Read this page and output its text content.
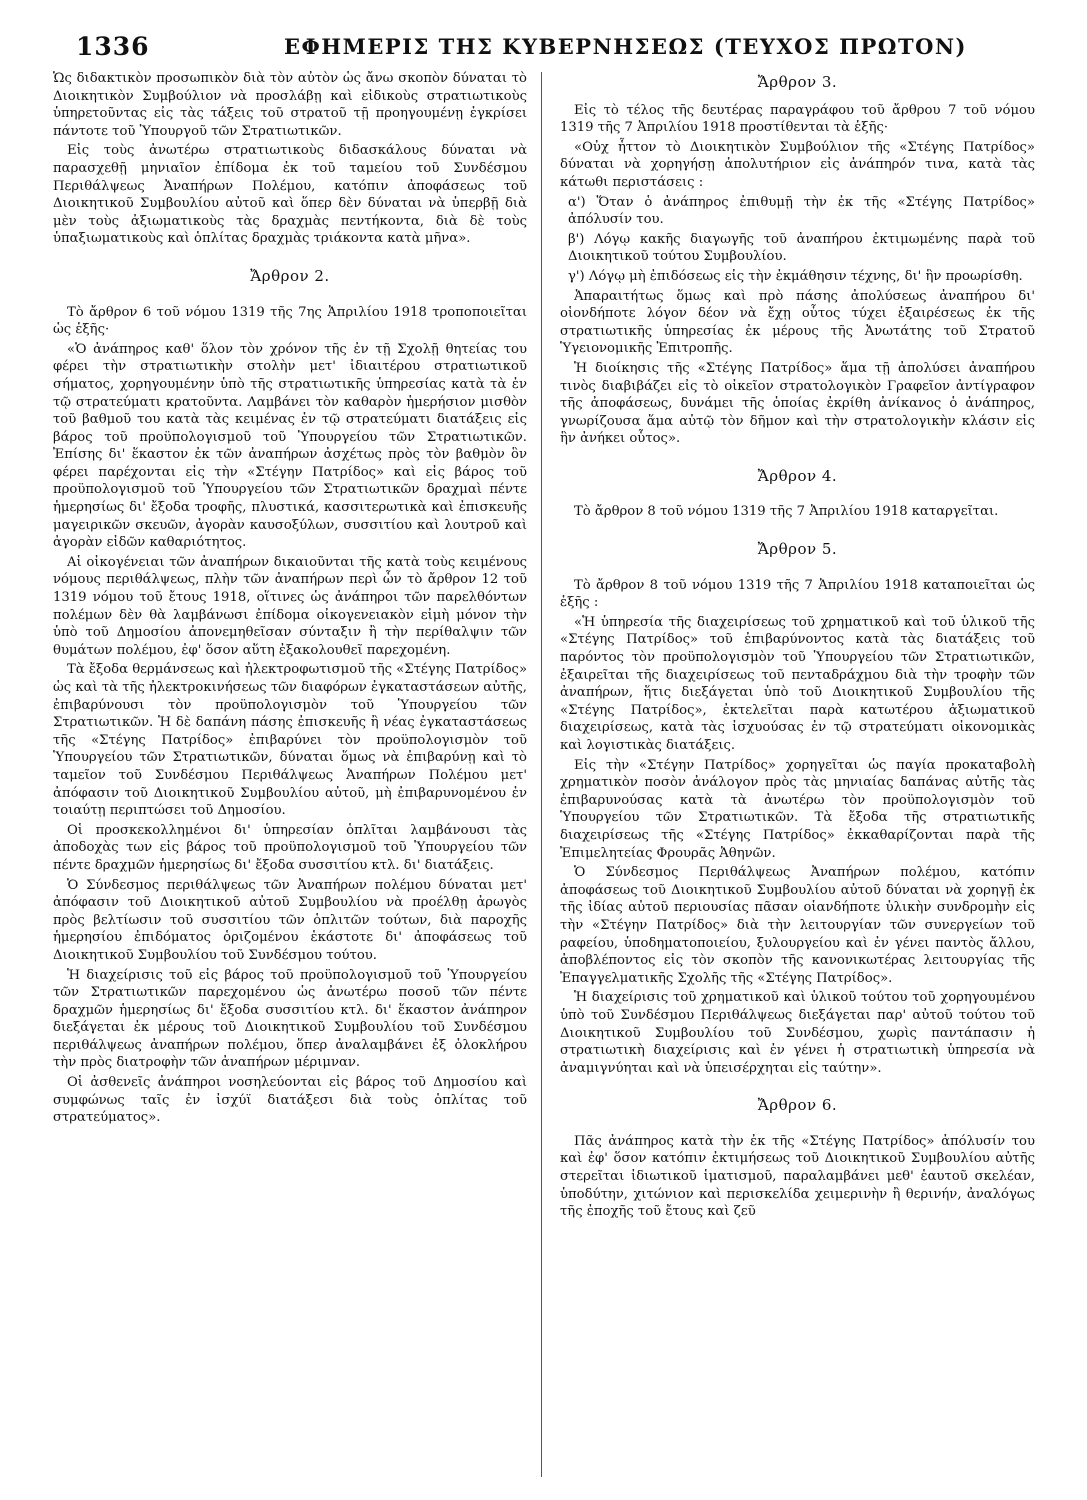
1336	ΕΦΗΜΕΡΙΣ ΤΗΣ ΚΥΒΕΡΝΗΣΕΩΣ (ΤΕΥΧΟΣ ΠΡΩΤΟΝ)

Ὡς διδακτικὸν προσωπικὸν διὰ τὸν αὐτὸν ὡς ἄνω σκοπὸν δύναται τὸ Διοικητικὸν Συμβούλιον νὰ προσλάβῃ καὶ εἰδικοὺς στρατιωτικοὺς ὑπηρετοῦντας εἰς τὰς τάξεις τοῦ στρατοῦ τῇ προηγουμένῃ ἐγκρίσει πάντοτε τοῦ Ὑπουργοῦ τῶν Στρατιωτικῶν.

Εἰς τοὺς ἀνωτέρω στρατιωτικοὺς διδασκάλους δύναται νὰ παρασχεθῇ μηνιαῖον ἐπίδομα ἐκ τοῦ ταμείου τοῦ Συνδέσμου Περιθάλψεως Ἀναπήρων Πολέμου, κατόπιν ἀποφάσεως τοῦ Διοικητικοῦ Συμβουλίου αὐτοῦ καὶ ὅπερ δὲν δύναται νὰ ὑπερβῇ διὰ μὲν τοὺς ἀξιωματικοὺς τὰς δραχμὰς πεντήκοντα, διὰ δὲ τοὺς ὑπαξιωματικοὺς καὶ ὁπλίτας δραχμὰς τριάκοντα κατὰ μῆνα».

Ἄρθρον 2.

Τὸ ἄρθρον 6 τοῦ νόμου 1319 τῆς 7ης Ἀπριλίου 1918 τροποποιεῖται ὡς ἑξῆς·

«Ὁ ἀνάπηρος καθ' ὅλον τὸν χρόνον τῆς ἐν τῇ Σχολῇ θητείας του φέρει τὴν στρατιωτικὴν στολὴν μετ' ἰδιαιτέρου στρατιωτικοῦ σήματος, χορηγουμένην ὑπὸ τῆς στρατιωτικῆς ὑπηρεσίας κατὰ τὰ ἐν τῷ στρατεύματι κρατοῦντα. Λαμβάνει τὸν καθαρὸν ἡμερήσιον μισθὸν τοῦ βαθμοῦ του κατὰ τὰς κειμένας ἐν τῷ στρατεύματι διατάξεις εἰς βάρος τοῦ προϋπολογισμοῦ τοῦ Ὑπουργείου τῶν Στρατιωτικῶν. Ἐπίσης δι' ἕκαστον ἐκ τῶν ἀναπήρων ἀσχέτως πρὸς τὸν βαθμὸν ὃν φέρει παρέχονται εἰς τὴν «Στέγην Πατρίδος» καὶ εἰς βάρος τοῦ προϋπολογισμοῦ τοῦ Ὑπουργείου τῶν Στρατιωτικῶν δραχμαὶ πέντε ἡμερησίως δι' ἔξοδα τροφῆς, πλυστικά, κασσιτερωτικὰ καὶ ἐπισκευῆς μαγειρικῶν σκευῶν, ἀγορὰν καυσοξύλων, συσσιτίου καὶ λουτροῦ καὶ ἀγορὰν εἰδῶν καθαριότητος.

Αἱ οἰκογένειαι τῶν ἀναπήρων δικαιοῦνται τῆς κατὰ τοὺς κειμένους νόμους περιθάλψεως, πλὴν τῶν ἀναπήρων περὶ ὧν τὸ ἄρθρον 12 τοῦ 1319 νόμου τοῦ ἔτους 1918, οἵτινες ὡς ἀνάπηροι τῶν παρελθόντων πολέμων δὲν θὰ λαμβάνωσι ἐπίδομα οἰκογενειακὸν εἰμὴ μόνον τὴν ὑπὸ τοῦ Δημοσίου ἀπονεμηθεῖσαν σύνταξιν ἢ τὴν περίθαλψιν τῶν θυμάτων πολέμου, ἐφ' ὅσον αὕτη ἐξακολουθεῖ παρεχομένη.

Τὰ ἔξοδα θερμάνσεως καὶ ἠλεκτροφωτισμοῦ τῆς «Στέγης Πατρίδος» ὡς καὶ τὰ τῆς ἠλεκτροκινήσεως τῶν διαφόρων ἐγκαταστάσεων αὐτῆς, ἐπιβαρύνουσι τὸν προϋπολογισμὸν τοῦ Ὑπουργείου τῶν Στρατιωτικῶν. Ἡ δὲ δαπάνη πάσης ἐπισκευῆς ἢ νέας ἐγκαταστάσεως τῆς «Στέγης Πατρίδος» ἐπιβαρύνει τὸν προϋπολογισμὸν τοῦ Ὑπουργείου τῶν Στρατιωτικῶν, δύναται ὅμως νὰ ἐπιβαρύνῃ καὶ τὸ ταμεῖον τοῦ Συνδέσμου Περιθάλψεως Ἀναπήρων Πολέμου μετ' ἀπόφασιν τοῦ Διοικητικοῦ Συμβουλίου αὐτοῦ, μὴ ἐπιβαρυνομένου ἐν τοιαύτῃ περιπτώσει τοῦ Δημοσίου.

Οἱ προσκεκολλημένοι δι' ὑπηρεσίαν ὁπλῖται λαμβάνουσι τὰς ἀποδοχὰς των εἰς βάρος τοῦ προϋπολογισμοῦ τοῦ Ὑπουργείου τῶν πέντε δραχμῶν ἡμερησίως δι' ἔξοδα συσσιτίου κτλ. δι' διατάξεις.

Ὁ Σύνδεσμος περιθάλψεως τῶν Ἀναπήρων πολέμου δύναται μετ' ἀπόφασιν τοῦ Διοικητικοῦ αὐτοῦ Συμβουλίου νὰ προέλθῃ ἀρωγὸς πρὸς βελτίωσιν τοῦ συσσιτίου τῶν ὁπλιτῶν τούτων, διὰ παροχῆς ἡμερησίου ἐπιδόματος ὁριζομένου ἑκάστοτε δι' ἀποφάσεως τοῦ Διοικητικοῦ Συμβουλίου τοῦ Συνδέσμου τούτου.

Ἡ διαχείρισις τοῦ εἰς βάρος τοῦ προϋπολογισμοῦ τοῦ Ὑπουργείου τῶν Στρατιωτικῶν παρεχομένου ὡς ἀνωτέρω ποσοῦ τῶν πέντε δραχμῶν ἡμερησίως δι' ἔξοδα συσσιτίου κτλ. δι' ἕκαστον ἀνάπηρον διεξάγεται ἐκ μέρους τοῦ Διοικητικοῦ Συμβουλίου τοῦ Συνδέσμου περιθάλψεως ἀναπήρων πολέμου, ὅπερ ἀναλαμβάνει ἐξ ὁλοκλήρου τὴν πρὸς διατροφὴν τῶν ἀναπήρων μέριμναν.

Οἱ ἀσθενεῖς ἀνάπηροι νοσηλεύονται εἰς βάρος τοῦ Δημοσίου καὶ συμφώνως ταῖς ἐν ἰσχύϊ διατάξεσι διὰ τοὺς ὁπλίτας τοῦ στρατεύματος».

Ἄρθρον 3.

Εἰς τὸ τέλος τῆς δευτέρας παραγράφου τοῦ ἄρθρου 7 τοῦ νόμου 1319 τῆς 7 Ἀπριλίου 1918 προστίθενται τὰ ἑξῆς·

«Οὐχ ἧττον τὸ Διοικητικὸν Συμβούλιον τῆς «Στέγης Πατρίδος» δύναται νὰ χορηγήσῃ ἀπολυτήριον εἰς ἀνάπηρόν τινα, κατὰ τὰς κάτωθι περιστάσεις :

α') Ὅταν ὁ ἀνάπηρος ἐπιθυμῇ τὴν ἐκ τῆς «Στέγης Πατρίδος» ἀπόλυσίν του.

β') Λόγῳ κακῆς διαγωγῆς τοῦ ἀναπήρου ἐκτιμωμένης παρὰ τοῦ Διοικητικοῦ τούτου Συμβουλίου.

γ') Λόγῳ μὴ ἐπιδόσεως εἰς τὴν ἐκμάθησιν τέχνης, δι' ἣν προωρίσθη.

Ἀπαραιτήτως ὅμως καὶ πρὸ πάσης ἀπολύσεως ἀναπήρου δι' οἱονδήποτε λόγον δέον νὰ ἔχῃ οὗτος τύχει ἐξαιρέσεως ἐκ τῆς στρατιωτικῆς ὑπηρεσίας ἐκ μέρους τῆς Ἀνωτάτης τοῦ Στρατοῦ Ὑγειονομικῆς Ἐπιτροπῆς.

Ἡ διοίκησις τῆς «Στέγης Πατρίδος» ἅμα τῇ ἀπολύσει ἀναπήρου τινὸς διαβιβάζει εἰς τὸ οἰκεῖον στρατολογικὸν Γραφεῖον ἀντίγραφον τῆς ἀποφάσεως, δυνάμει τῆς ὁποίας ἐκρίθη ἀνίκανος ὁ ἀνάπηρος, γνωρίζουσα ἅμα αὐτῷ τὸν δῆμον καὶ τὴν στρατολογικὴν κλάσιν εἰς ἣν ἀνήκει οὗτος».

Ἄρθρον 4.

Τὸ ἄρθρον 8 τοῦ νόμου 1319 τῆς 7 Ἀπριλίου 1918 καταργεῖται.

Ἄρθρον 5.

Τὸ ἄρθρον 8 τοῦ νόμου 1319 τῆς 7 Ἀπριλίου 1918 καταποιεῖται ὡς ἑξῆς :

«Ἡ ὑπηρεσία τῆς διαχειρίσεως τοῦ χρηματικοῦ καὶ τοῦ ὑλικοῦ τῆς «Στέγης Πατρίδος» τοῦ ἐπιβαρύνοντος κατὰ τὰς διατάξεις τοῦ παρόντος τὸν προϋπολογισμὸν τοῦ Ὑπουργείου τῶν Στρατιωτικῶν, ἐξαιρεῖται τῆς διαχειρίσεως τοῦ πενταδράχμου διὰ τὴν τροφὴν τῶν ἀναπήρων, ἥτις διεξάγεται ὑπὸ τοῦ Διοικητικοῦ Συμβουλίου τῆς «Στέγης Πατρίδος», ἐκτελεῖται παρὰ κατωτέρου ἀξιωματικοῦ διαχειρίσεως, κατὰ τὰς ἰσχυούσας ἐν τῷ στρατεύματι οἰκονομικὰς καὶ λογιστικὰς διατάξεις.

Εἰς τὴν «Στέγην Πατρίδος» χορηγεῖται ὡς παγία προκαταβολὴ χρηματικὸν ποσὸν ἀνάλογον πρὸς τὰς μηνιαίας δαπάνας αὐτῆς τὰς ἐπιβαρυνούσας κατὰ τὰ ἀνωτέρω τὸν προϋπολογισμὸν τοῦ Ὑπουργείου τῶν Στρατιωτικῶν. Τὰ ἔξοδα τῆς στρατιωτικῆς διαχειρίσεως τῆς «Στέγης Πατρίδος» ἐκκαθαρίζονται παρὰ τῆς Ἐπιμελητείας Φρουρᾶς Ἀθηνῶν.

Ὁ Σύνδεσμος Περιθάλψεως Ἀναπήρων πολέμου, κατόπιν ἀποφάσεως τοῦ Διοικητικοῦ Συμβουλίου αὐτοῦ δύναται νὰ χορηγῇ ἐκ τῆς ἰδίας αὐτοῦ περιουσίας πᾶσαν οἱανδήποτε ὑλικὴν συνδρομὴν εἰς τὴν «Στέγην Πατρίδος» διὰ τὴν λειτουργίαν τῶν συνεργείων τοῦ ραφείου, ὑποδηματοποιείου, ξυλουργείου καὶ ἐν γένει παντὸς ἄλλου, ἀποβλέποντος εἰς τὸν σκοπὸν τῆς κανονικωτέρας λειτουργίας τῆς Ἐπαγγελματικῆς Σχολῆς τῆς «Στέγης Πατρίδος».

Ἡ διαχείρισις τοῦ χρηματικοῦ καὶ ὑλικοῦ τούτου τοῦ χορηγουμένου ὑπὸ τοῦ Συνδέσμου Περιθάλψεως διεξάγεται παρ' αὐτοῦ τούτου τοῦ Διοικητικοῦ Συμβουλίου τοῦ Συνδέσμου, χωρὶς παντάπασιν ἡ στρατιωτικὴ διαχείρισις καὶ ἐν γένει ἡ στρατιωτικὴ ὑπηρεσία νὰ ἀναμιγνύηται καὶ νὰ ὑπεισέρχηται εἰς ταύτην».

Ἄρθρον 6.

Πᾶς ἀνάπηρος κατὰ τὴν ἐκ τῆς «Στέγης Πατρίδος» ἀπόλυσίν του καὶ ἐφ' ὅσον κατόπιν ἐκτιμήσεως τοῦ Διοικητικοῦ Συμβουλίου αὐτῆς στερεῖται ἰδιωτικοῦ ἱματισμοῦ, παραλαμβάνει μεθ' ἑαυτοῦ σκελέαν, ὑποδύτην, χιτώνιον καὶ περισκελίδα χειμερινὴν ἢ θερινήν, ἀναλόγως τῆς ἐποχῆς τοῦ ἔτους καὶ ζεῦ
